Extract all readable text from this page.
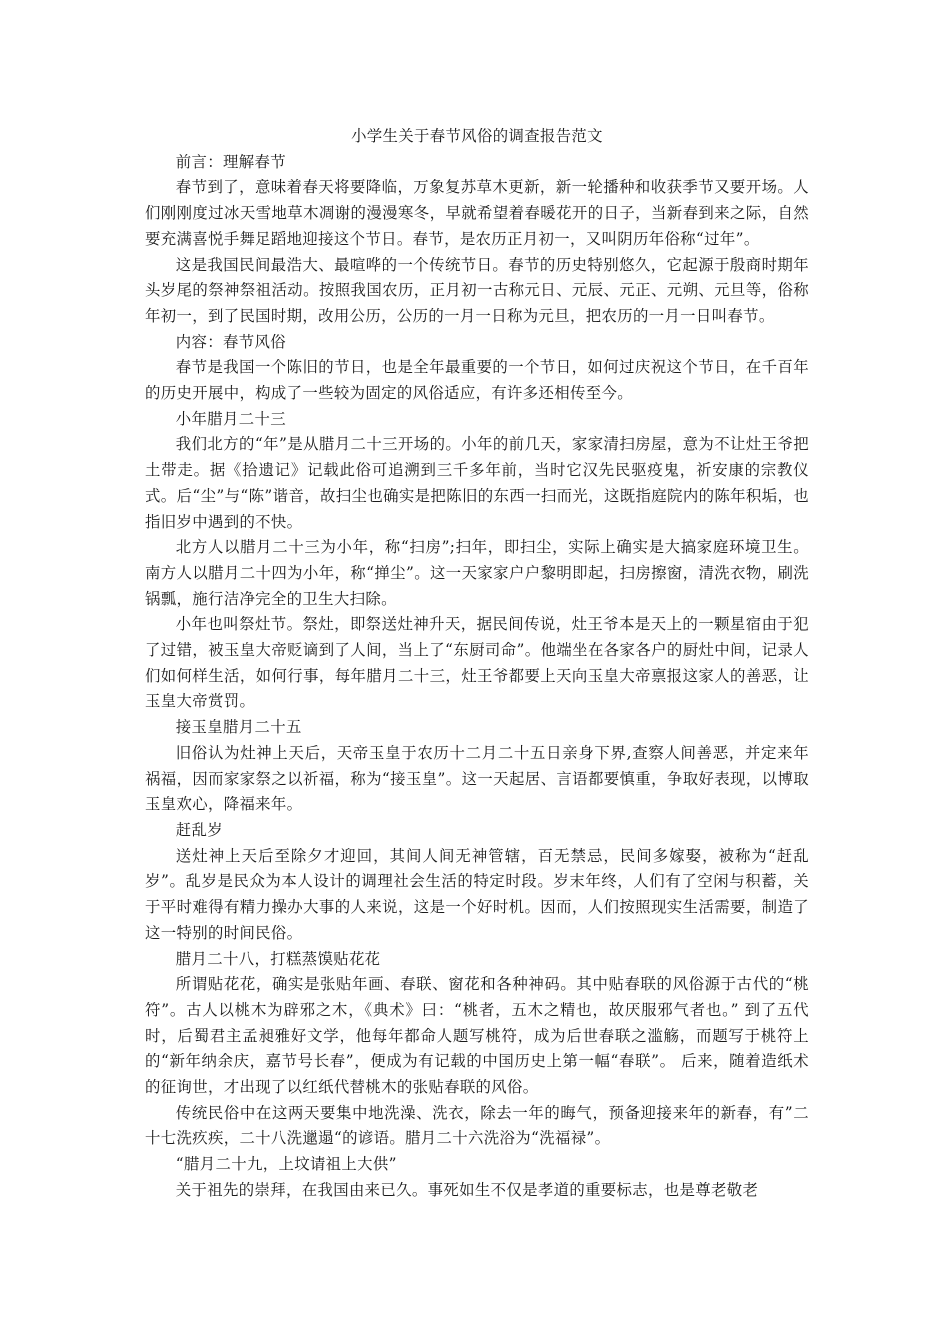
小学生关于春节风俗的调查报告范文

前言：理解春节

春节到了，意味着春天将要降临，万象复苏草木更新，新一轮播种和收获季节又要开场。人们刚刚度过冰天雪地草木凋谢的漫漫寒冬，早就希望着春暖花开的日子，当新春到来之际，自然要充满喜悦手舞足蹈地迎接这个节日。春节，是农历正月初一，又叫阴历年俗称“过年”。

这是我国民间最浩大、最喧哗的一个传统节日。春节的历史特别悠久，它起源于殷商时期年头岁尾的祭神祭祖活动。按照我国农历，正月初一古称元日、元辰、元正、元朔、元旦等，俗称年初一，到了民国时期，改用公历，公历的一月一日称为元旦，把农历的一月一日叫春节。

内容：春节风俗

春节是我国一个陈旧的节日，也是全年最重要的一个节日，如何过庆祝这个节日，在千百年的历史开展中，构成了一些较为固定的风俗适应，有许多还相传至今。

小年腊月二十三

我们北方的“年”是从腊月二十三开场的。小年的前几天，家家清扫房屋，意为不让灶王爷把土带走。据《拾遗记》记载此俗可追溯到三千多年前，当时它汉先民驱疫鬼，祈安康的宗教仪式。后“尘”与“陈”谐音，故扫尘也确实是把陈旧的东西一扫而光，这既指庭院内的陈年积垢，也指旧岁中遇到的不快。

北方人以腊月二十三为小年，称“扫房”;扫年，即扫尘，实际上确实是大搞家庭环境卫生。南方人以腊月二十四为小年，称“掸尘”。这一天家家户户黎明即起，扫房擦窗，清洗衣物，刷洗锅瓢，施行洁净完全的卫生大扫除。

小年也叫祭灶节。祭灶，即祭送灶神升天，据民间传说，灶王爷本是天上的一颗星宿由于犯了过错，被玉皇大帝贬谪到了人间，当上了“东厨司命”。他端坐在各家各户的厨灶中间，记录人们如何样生活，如何行事，每年腊月二十三，灶王爷都要上天向玉皇大帝禀报这家人的善恶，让玉皇大帝赏罚。

接玉皇腊月二十五

旧俗认为灶神上天后，天帝玉皇于农历十二月二十五日亲身下界,查察人间善恶，并定来年祸福，因而家家祭之以祈福，称为“接玉皇”。这一天起居、言语都要慎重，争取好表现，以博取玉皇欢心，降福来年。

赶乱岁

送灶神上天后至除夕才迎回，其间人间无神管辖，百无禁忌，民间多嫁娶，被称为“赶乱岁”。乱岁是民众为本人设计的调理社会生活的特定时段。岁末年终，人们有了空闲与积蓄，关于平时难得有精力操办大事的人来说，这是一个好时机。因而，人们按照现实生活需要，制造了这一特别的时间民俗。

腊月二十八，打糕蒸馍贴花花

所谓贴花花，确实是张贴年画、春联、窗花和各种神码。其中贴春联的风俗源于古代的“桃符”。古人以桃木为辟邪之木，《典术》曰：“桃者，五木之精也，故厌服邪气者也。” 到了五代时，后蜀君主孟昶雅好文学，他每年都命人题写桃符，成为后世春联之滥觞，而题写于桃符上的“新年纳余庆，嘉节号长春”，便成为有记载的中国历史上第一幅“春联”。 后来，随着造纸术的征询世，才出现了以红纸代替桃木的张贴春联的风俗。

传统民俗中在这两天要集中地洗澡、洗衣，除去一年的晦气，预备迎接来年的新春，有”二十七洗疚疾，二十八洗邋遢“的谚语。腊月二十六洗浴为“洗福禄”。

“腊月二十九，上坟请祖上大供”

关于祖先的崇拜，在我国由来已久。事死如生不仅是孝道的重要标志，也是尊老敬老
